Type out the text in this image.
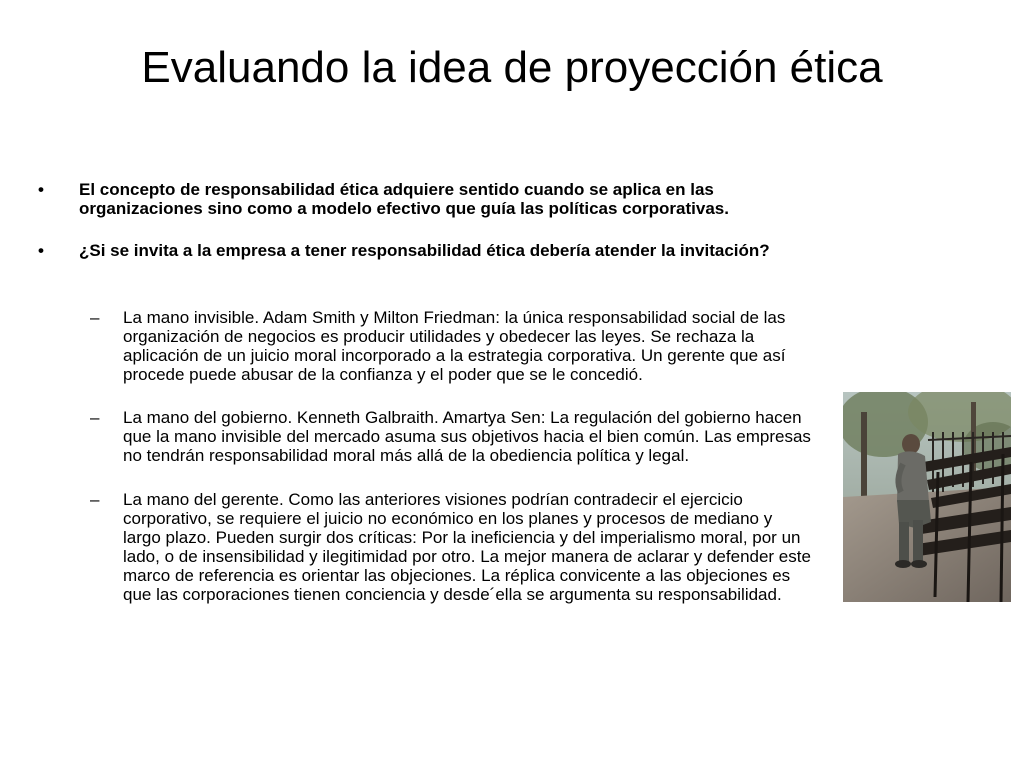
Evaluando la idea de proyección ética
•	El concepto de responsabilidad ética adquiere sentido cuando se aplica en las organizaciones sino como a modelo efectivo que guía las políticas corporativas.
•	¿Si se invita a la empresa a tener responsabilidad ética debería atender la invitación?
–	La mano invisible. Adam Smith y Milton Friedman: la única responsabilidad social de las organización de negocios es producir utilidades y obedecer las leyes. Se rechaza la aplicación de un juicio moral incorporado a la estrategia corporativa. Un gerente que así procede puede abusar de la confianza y el poder que se le concedió.
–	La mano del gobierno. Kenneth Galbraith. Amartya Sen: La regulación del gobierno hacen que la mano invisible del mercado asuma sus objetivos hacia el bien común. Las empresas no tendrán responsabilidad moral más allá de la obediencia política y legal.
–	La mano del gerente. Como las anteriores visiones podrían contradecir el ejercicio corporativo, se requiere el juicio no económico en los planes y procesos de mediano y largo plazo. Pueden surgir dos críticas: Por la ineficiencia y del imperialismo moral, por un lado, o de insensibilidad y ilegitimidad por otro. La mejor manera de aclarar y defender este marco de referencia es orientar las objeciones. La réplica convicente a las objeciones es que las corporaciones tienen conciencia y desde´ella se argumenta su responsabilidad.
